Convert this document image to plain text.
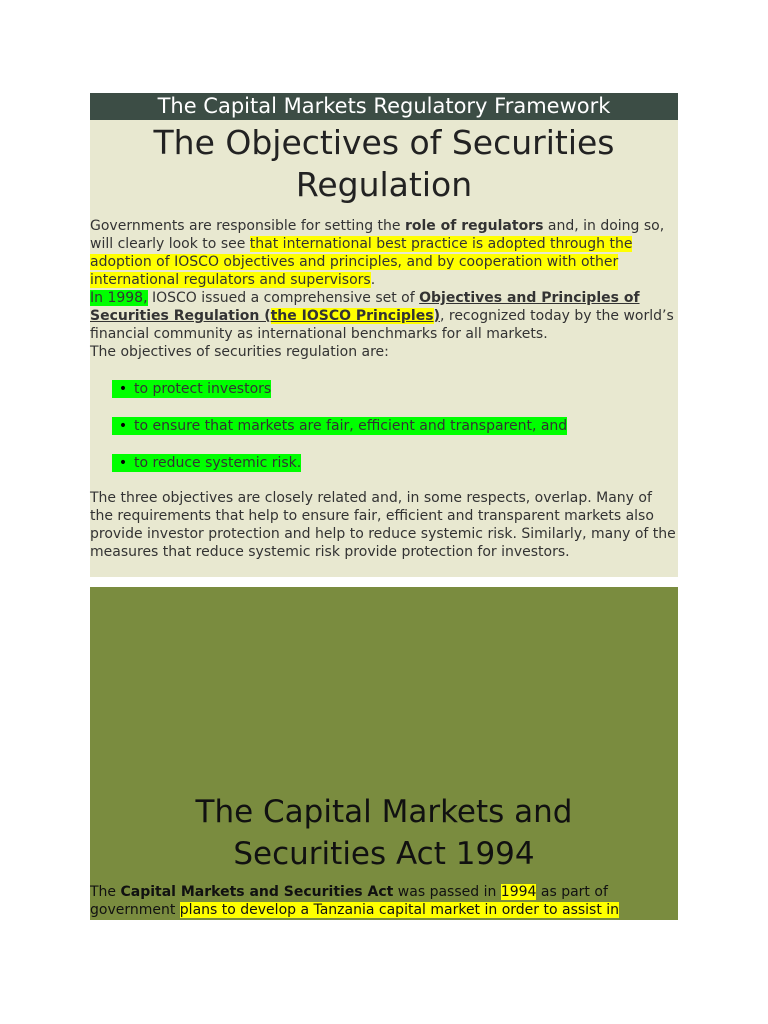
The Capital Markets Regulatory Framework
The Objectives of Securities
Regulation

Governments are responsible for setting the role of regulators and, in doing so, will clearly look to see that international best practice is adopted through the adoption of IOSCO objectives and principles, and by cooperation with other international regulators and supervisors.

In 1998, IOSCO issued a comprehensive set of Objectives and Principles of Securities Regulation (the IOSCO Principles), recognized today by the world’s financial community as international benchmarks for all markets.

The objectives of securities regulation are:

• to protect investors
• to ensure that markets are fair, efficient and transparent, and
• to reduce systemic risk.

The three objectives are closely related and, in some respects, overlap. Many of the requirements that help to ensure fair, efficient and transparent markets also provide investor protection and help to reduce systemic risk. Similarly, many of the measures that reduce systemic risk provide protection for investors.

The Capital Markets and
Securities Act 1994

The Capital Markets and Securities Act was passed in 1994 as part of government plans to develop a Tanzania capital market in order to assist in
